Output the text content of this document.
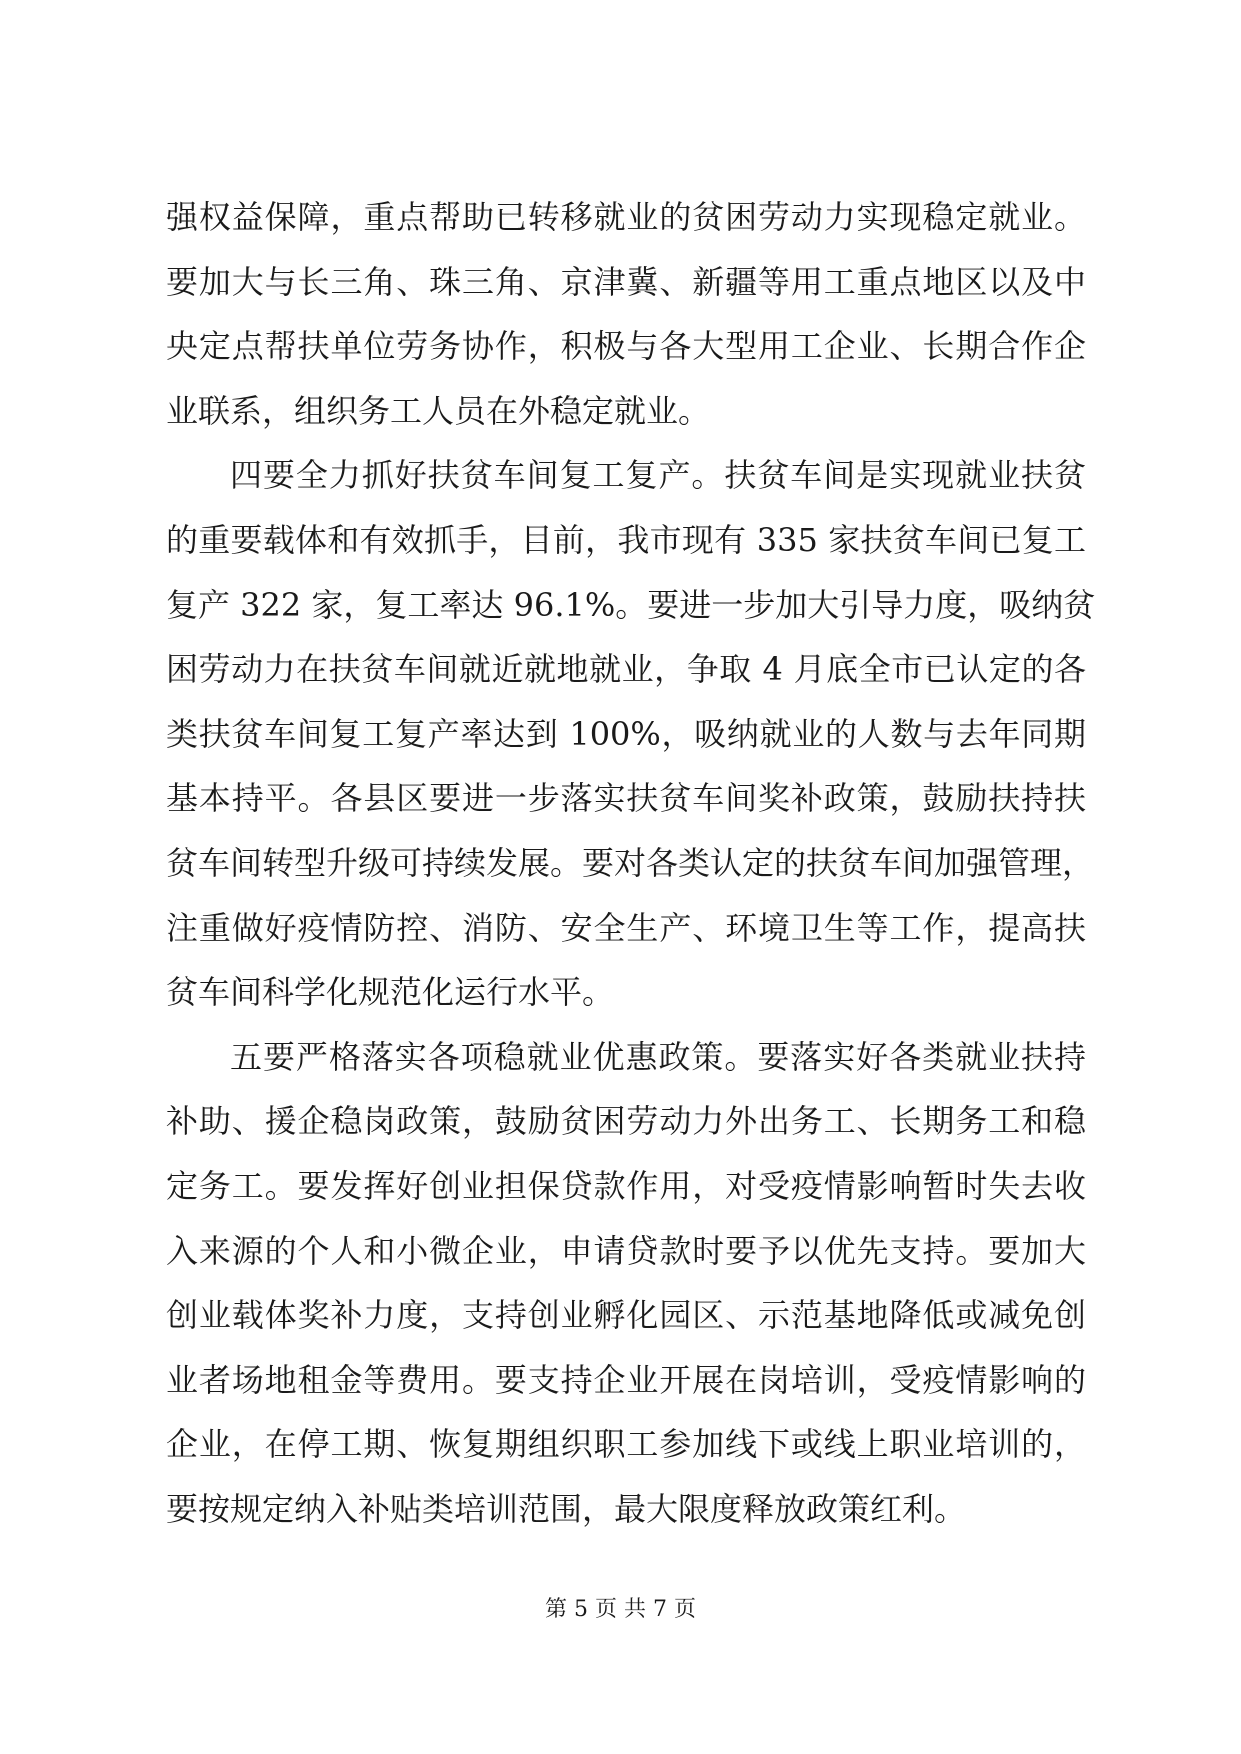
强权益保障，重点帮助已转移就业的贫困劳动力实现稳定就业。
要加大与长三角、珠三角、京津冀、新疆等用工重点地区以及中
央定点帮扶单位劳务协作，积极与各大型用工企业、长期合作企
业联系，组织务工人员在外稳定就业。
四要全力抓好扶贫车间复工复产。扶贫车间是实现就业扶贫
的重要载体和有效抓手，目前，我市现有 335 家扶贫车间已复工
复产 322 家，复工率达 96.1%。要进一步加大引导力度，吸纳贫
困劳动力在扶贫车间就近就地就业，争取 4 月底全市已认定的各
类扶贫车间复工复产率达到 100%，吸纳就业的人数与去年同期
基本持平。各县区要进一步落实扶贫车间奖补政策，鼓励扶持扶
贫车间转型升级可持续发展。要对各类认定的扶贫车间加强管理，
注重做好疫情防控、消防、安全生产、环境卫生等工作，提高扶
贫车间科学化规范化运行水平。
五要严格落实各项稳就业优惠政策。要落实好各类就业扶持
补助、援企稳岗政策，鼓励贫困劳动力外出务工、长期务工和稳
定务工。要发挥好创业担保贷款作用，对受疫情影响暂时失去收
入来源的个人和小微企业，申请贷款时要予以优先支持。要加大
创业载体奖补力度，支持创业孵化园区、示范基地降低或减免创
业者场地租金等费用。要支持企业开展在岗培训，受疫情影响的
企业，在停工期、恢复期组织职工参加线下或线上职业培训的，
要按规定纳入补贴类培训范围，最大限度释放政策红利。
第 5 页 共 7 页
